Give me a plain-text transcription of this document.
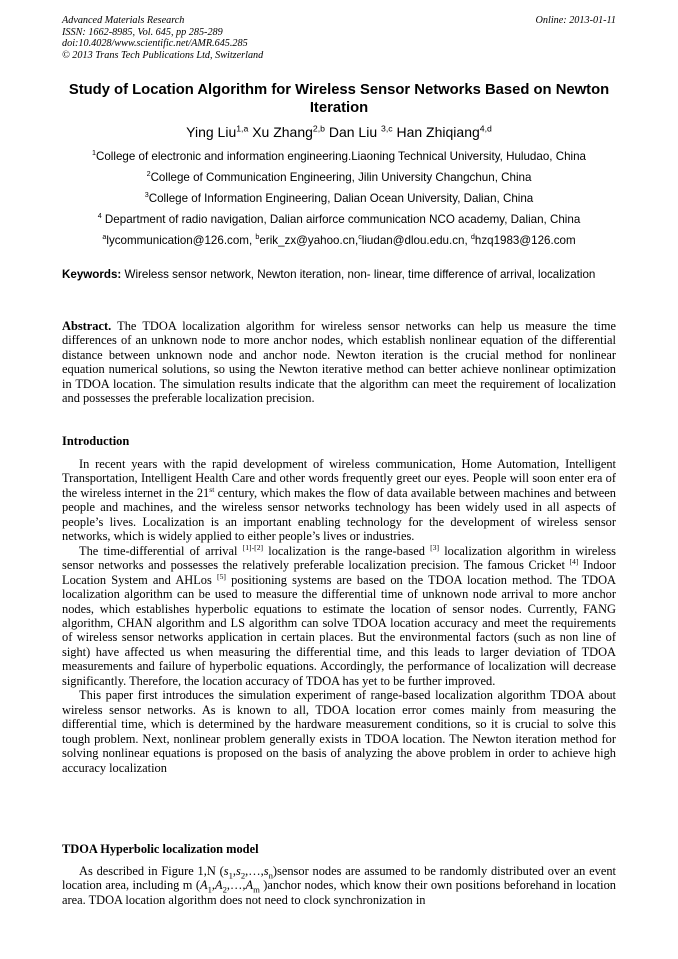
Advanced Materials Research
ISSN: 1662-8985, Vol. 645, pp 285-289
doi:10.4028/www.scientific.net/AMR.645.285
© 2013 Trans Tech Publications Ltd, Switzerland
Online: 2013-01-11
Study of Location Algorithm for Wireless Sensor Networks Based on Newton Iteration
Ying Liu$^{1,a}$ Xu Zhang$^{2,b}$ Dan Liu $^{3,c}$ Han Zhiqiang$^{4,d}$
$^1$College of electronic and information engineering.Liaoning Technical University, Huludao, China
$^2$College of Communication Engineering, Jilin University Changchun, China
$^3$College of Information Engineering, Dalian Ocean University, Dalian, China
$^4$ Department of radio navigation, Dalian airforce communication NCO academy, Dalian, China
$^a$lycommunication@126.com, $^b$erik_zx@yahoo.cn,$^c$liudan@dlou.edu.cn, $^d$hzq1983@126.com
Keywords: Wireless sensor network, Newton iteration, non- linear, time difference of arrival, localization

Abstract. The TDOA localization algorithm for wireless sensor networks can help us measure the time differences of an unknown node to more anchor nodes, which establish nonlinear equation of the differential distance between unknown node and anchor node. Newton iteration is the crucial method for nonlinear equation numerical solutions, so using the Newton iterative method can better achieve nonlinear optimization in TDOA location. The simulation results indicate that the algorithm can meet the requirement of localization and possesses the preferable localization precision.

Introduction

In recent years with the rapid development of wireless communication, Home Automation, Intelligent Transportation, Intelligent Health Care and other words frequently greet our eyes. People will soon enter era of the wireless internet in the 21st century, which makes the flow of data available between machines and between people and machines, and the wireless sensor networks technology has been widely used in all aspects of people’s lives. Localization is an important enabling technology for the development of wireless sensor networks, which is widely applied to either people’s lives or industries.

The time-differential of arrival [1]-[2] localization is the range-based [3] localization algorithm in wireless sensor networks and possesses the relatively preferable localization precision. The famous Cricket [4] Indoor Location System and AHLos [5] positioning systems are based on the TDOA location method. The TDOA localization algorithm can be used to measure the differential time of unknown node arrival to more anchor nodes, which establishes hyperbolic equations to estimate the location of sensor nodes. Currently, FANG algorithm, CHAN algorithm and LS algorithm can solve TDOA location accuracy and meet the requirements of wireless sensor networks application in certain places. But the environmental factors (such as non line of sight) have affected us when measuring the differential time, and this leads to larger deviation of TDOA measurements and failure of hyperbolic equations. Accordingly, the performance of localization will decrease significantly. Therefore, the location accuracy of TDOA has yet to be further improved.

This paper first introduces the simulation experiment of range-based localization algorithm TDOA about wireless sensor networks. As is known to all, TDOA location error comes mainly from measuring the differential time, which is determined by the hardware measurement conditions, so it is crucial to solve this tough problem. Next, nonlinear problem generally exists in TDOA location. The Newton iteration method for solving nonlinear equations is proposed on the basis of analyzing the above problem in order to achieve high accuracy localization

TDOA Hyperbolic localization model

As described in Figure 1,N $(s_1,s_2,\dots,s_n)sensor$ nodes are assumed to be randomly distributed over an event location area, including m ($A_1,A_2,\dots,A_m$ )anchor nodes, which know their own positions beforehand in location area. TDOA location algorithm does not need to clock synchronization in
